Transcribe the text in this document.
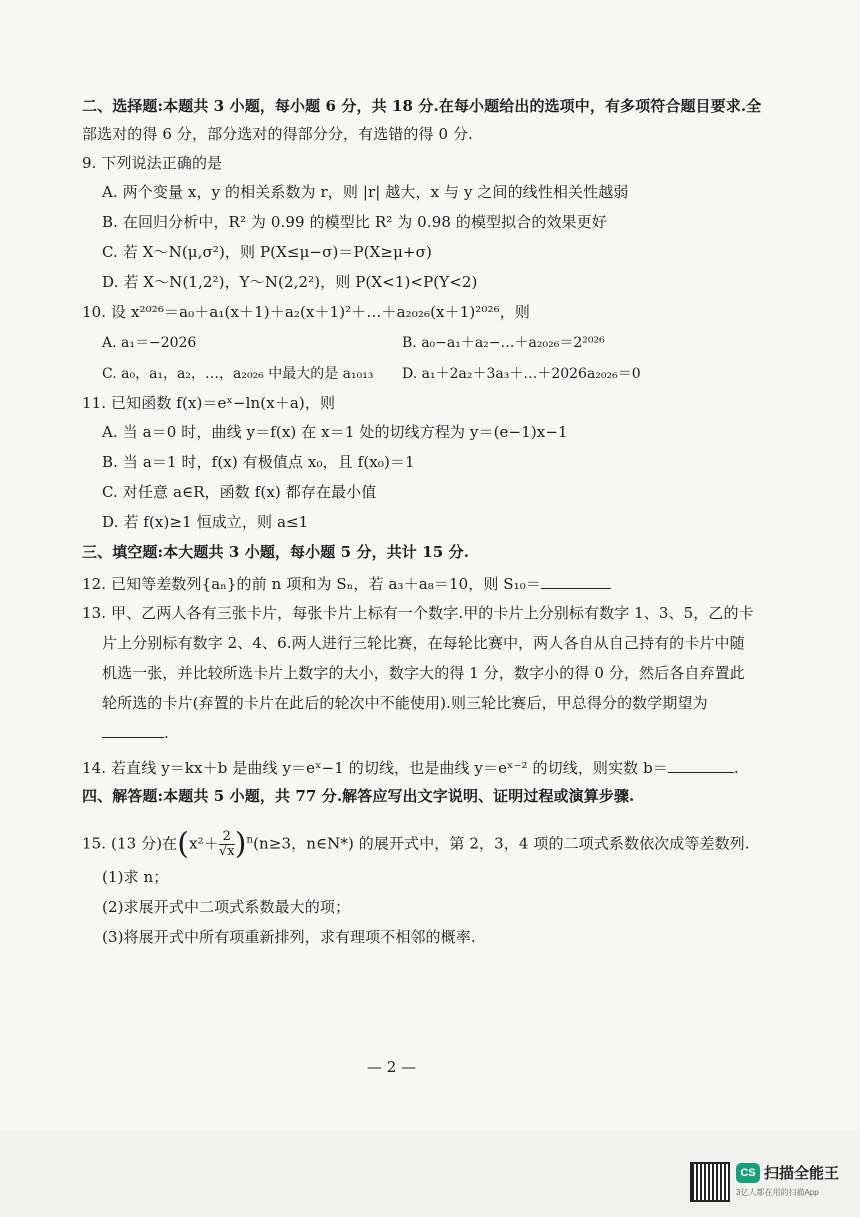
二、选择题:本题共 3 小题，每小题 6 分，共 18 分.在每小题给出的选项中，有多项符合题目要求.全
部选对的得 6 分，部分选对的得部分分，有选错的得 0 分.
9. 下列说法正确的是
A. 两个变量 x，y 的相关系数为 r，则 |r| 越大，x 与 y 之间的线性相关性越弱
B. 在回归分析中，R² 为 0.99 的模型比 R² 为 0.98 的模型拟合的效果更好
C. 若 X～N(μ,σ²)，则 P(X≤μ−σ)＝P(X≥μ+σ)
D. 若 X～N(1,2²)，Y～N(2,2²)，则 P(X<1)<P(Y<2)
10. 设 x²⁰²⁶＝a₀＋a₁(x＋1)＋a₂(x＋1)²＋…＋a₂₀₂₆(x＋1)²⁰²⁶，则
A. a₁＝−2026	B. a₀−a₁＋a₂−…＋a₂₀₂₆＝2²⁰²⁶
C. a₀，a₁，a₂，…，a₂₀₂₆ 中最大的是 a₁₀₁₃ D. a₁＋2a₂＋3a₃＋…＋2026a₂₀₂₆＝0
11. 已知函数 f(x)＝eˣ−ln(x＋a)，则
A. 当 a＝0 时，曲线 y＝f(x) 在 x＝1 处的切线方程为 y＝(e−1)x−1
B. 当 a＝1 时，f(x) 有极值点 x₀，且 f(x₀)＝1
C. 对任意 a∈R，函数 f(x) 都存在最小值
D. 若 f(x)≥1 恒成立，则 a≤1
三、填空题:本大题共 3 小题，每小题 5 分，共计 15 分.
12. 已知等差数列{aₙ}的前 n 项和为 Sₙ，若 a₃＋a₈＝10，则 S₁₀＝
13. 甲、乙两人各有三张卡片，每张卡片上标有一个数字.甲的卡片上分别标有数字 1、3、5，乙的卡
片上分别标有数字 2、4、6.两人进行三轮比赛，在每轮比赛中，两人各自从自己持有的卡片中随
机选一张，并比较所选卡片上数字的大小，数字大的得 1 分，数字小的得 0 分，然后各自弃置此
轮所选的卡片(弃置的卡片在此后的轮次中不能使用).则三轮比赛后，甲总得分的数学期望为
.
14. 若直线 y＝kx＋b 是曲线 y＝eˣ−1 的切线，也是曲线 y＝eˣ⁻² 的切线，则实数 b＝	.
四、解答题:本题共 5 小题，共 77 分.解答应写出文字说明、证明过程或演算步骤.
15. (13 分)在$(x^2+ \frac{2}{√x} )^n(n\ge 3$，n∈N*) 的展开式中，第 2，3，4 项的二项式系数依次成等差数列.
(1)求 n；
(2)求展开式中二项式系数最大的项；
(3)将展开式中所有项重新排列，求有理项不相邻的概率.
— 2 —
CS 扫描全能王
3亿人都在用的扫描App
